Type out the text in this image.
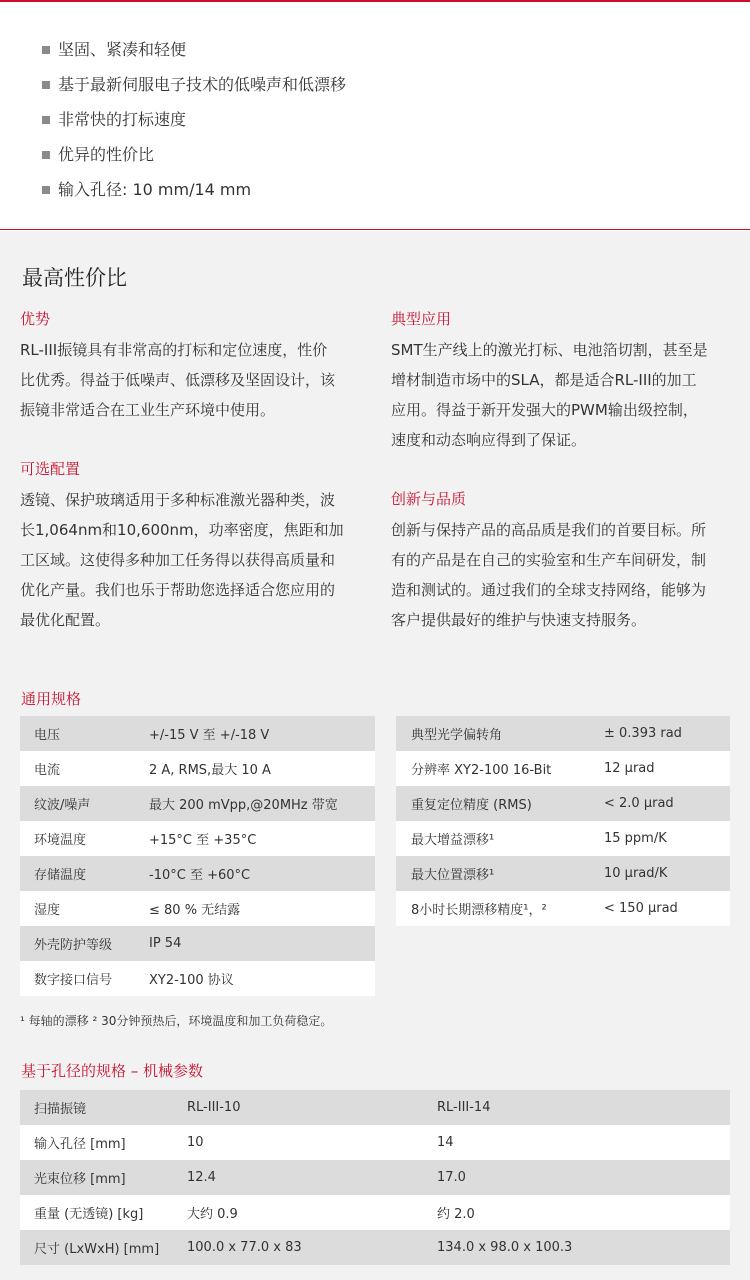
坚固、紧凑和轻便
基于最新伺服电子技术的低噪声和低漂移
非常快的打标速度
优异的性价比
输入孔径: 10 mm/14 mm
最高性价比
优势
RL-III振镜具有非常高的打标和定位速度，性价
比优秀。得益于低噪声、低漂移及坚固设计，该
振镜非常适合在工业生产环境中使用。
可选配置
透镜、保护玻璃适用于多种标准激光器种类，波
长1,064nm和10,600nm，功率密度，焦距和加
工区域。这使得多种加工任务得以获得高质量和
优化产量。我们也乐于帮助您选择适合您应用的
最优化配置。
典型应用
SMT生产线上的激光打标、电池箔切割，甚至是
增材制造市场中的SLA，都是适合RL-III的加工
应用。得益于新开发强大的PWM输出级控制，
速度和动态响应得到了保证。
创新与品质
创新与保持产品的高品质是我们的首要目标。所
有的产品是在自己的实验室和生产车间研发，制
造和测试的。通过我们的全球支持网络，能够为
客户提供最好的维护与快速支持服务。
通用规格
电压	+/-15 V 至 +/-18 V
电流	2 A, RMS,最大 10 A
纹波/噪声	最大 200 mVpp,@20MHz 带宽
环境温度	+15°C 至 +35°C
存储温度	-10°C 至 +60°C
湿度	≤ 80 % 无结露
外壳防护等级	IP 54
数字接口信号	XY2-100 协议
典型光学偏转角	± 0.393 rad
分辨率 XY2-100 16-Bit	12 µrad
重复定位精度 (RMS)	< 2.0 µrad
最大增益漂移¹	15 ppm/K
最大位置漂移¹	10 µrad/K
8小时长期漂移精度¹，²	< 150 µrad
¹ 每轴的漂移 ² 30分钟预热后，环境温度和加工负荷稳定。
基于孔径的规格 – 机械参数
扫描振镜	RL-III-10	RL-III-14
输入孔径 [mm]	10	14
光束位移 [mm]	12.4	17.0
重量 (无透镜) [kg]	大约 0.9	约 2.0
尺寸 (LxWxH) [mm]	100.0 x 77.0 x 83	134.0 x 98.0 x 100.3
